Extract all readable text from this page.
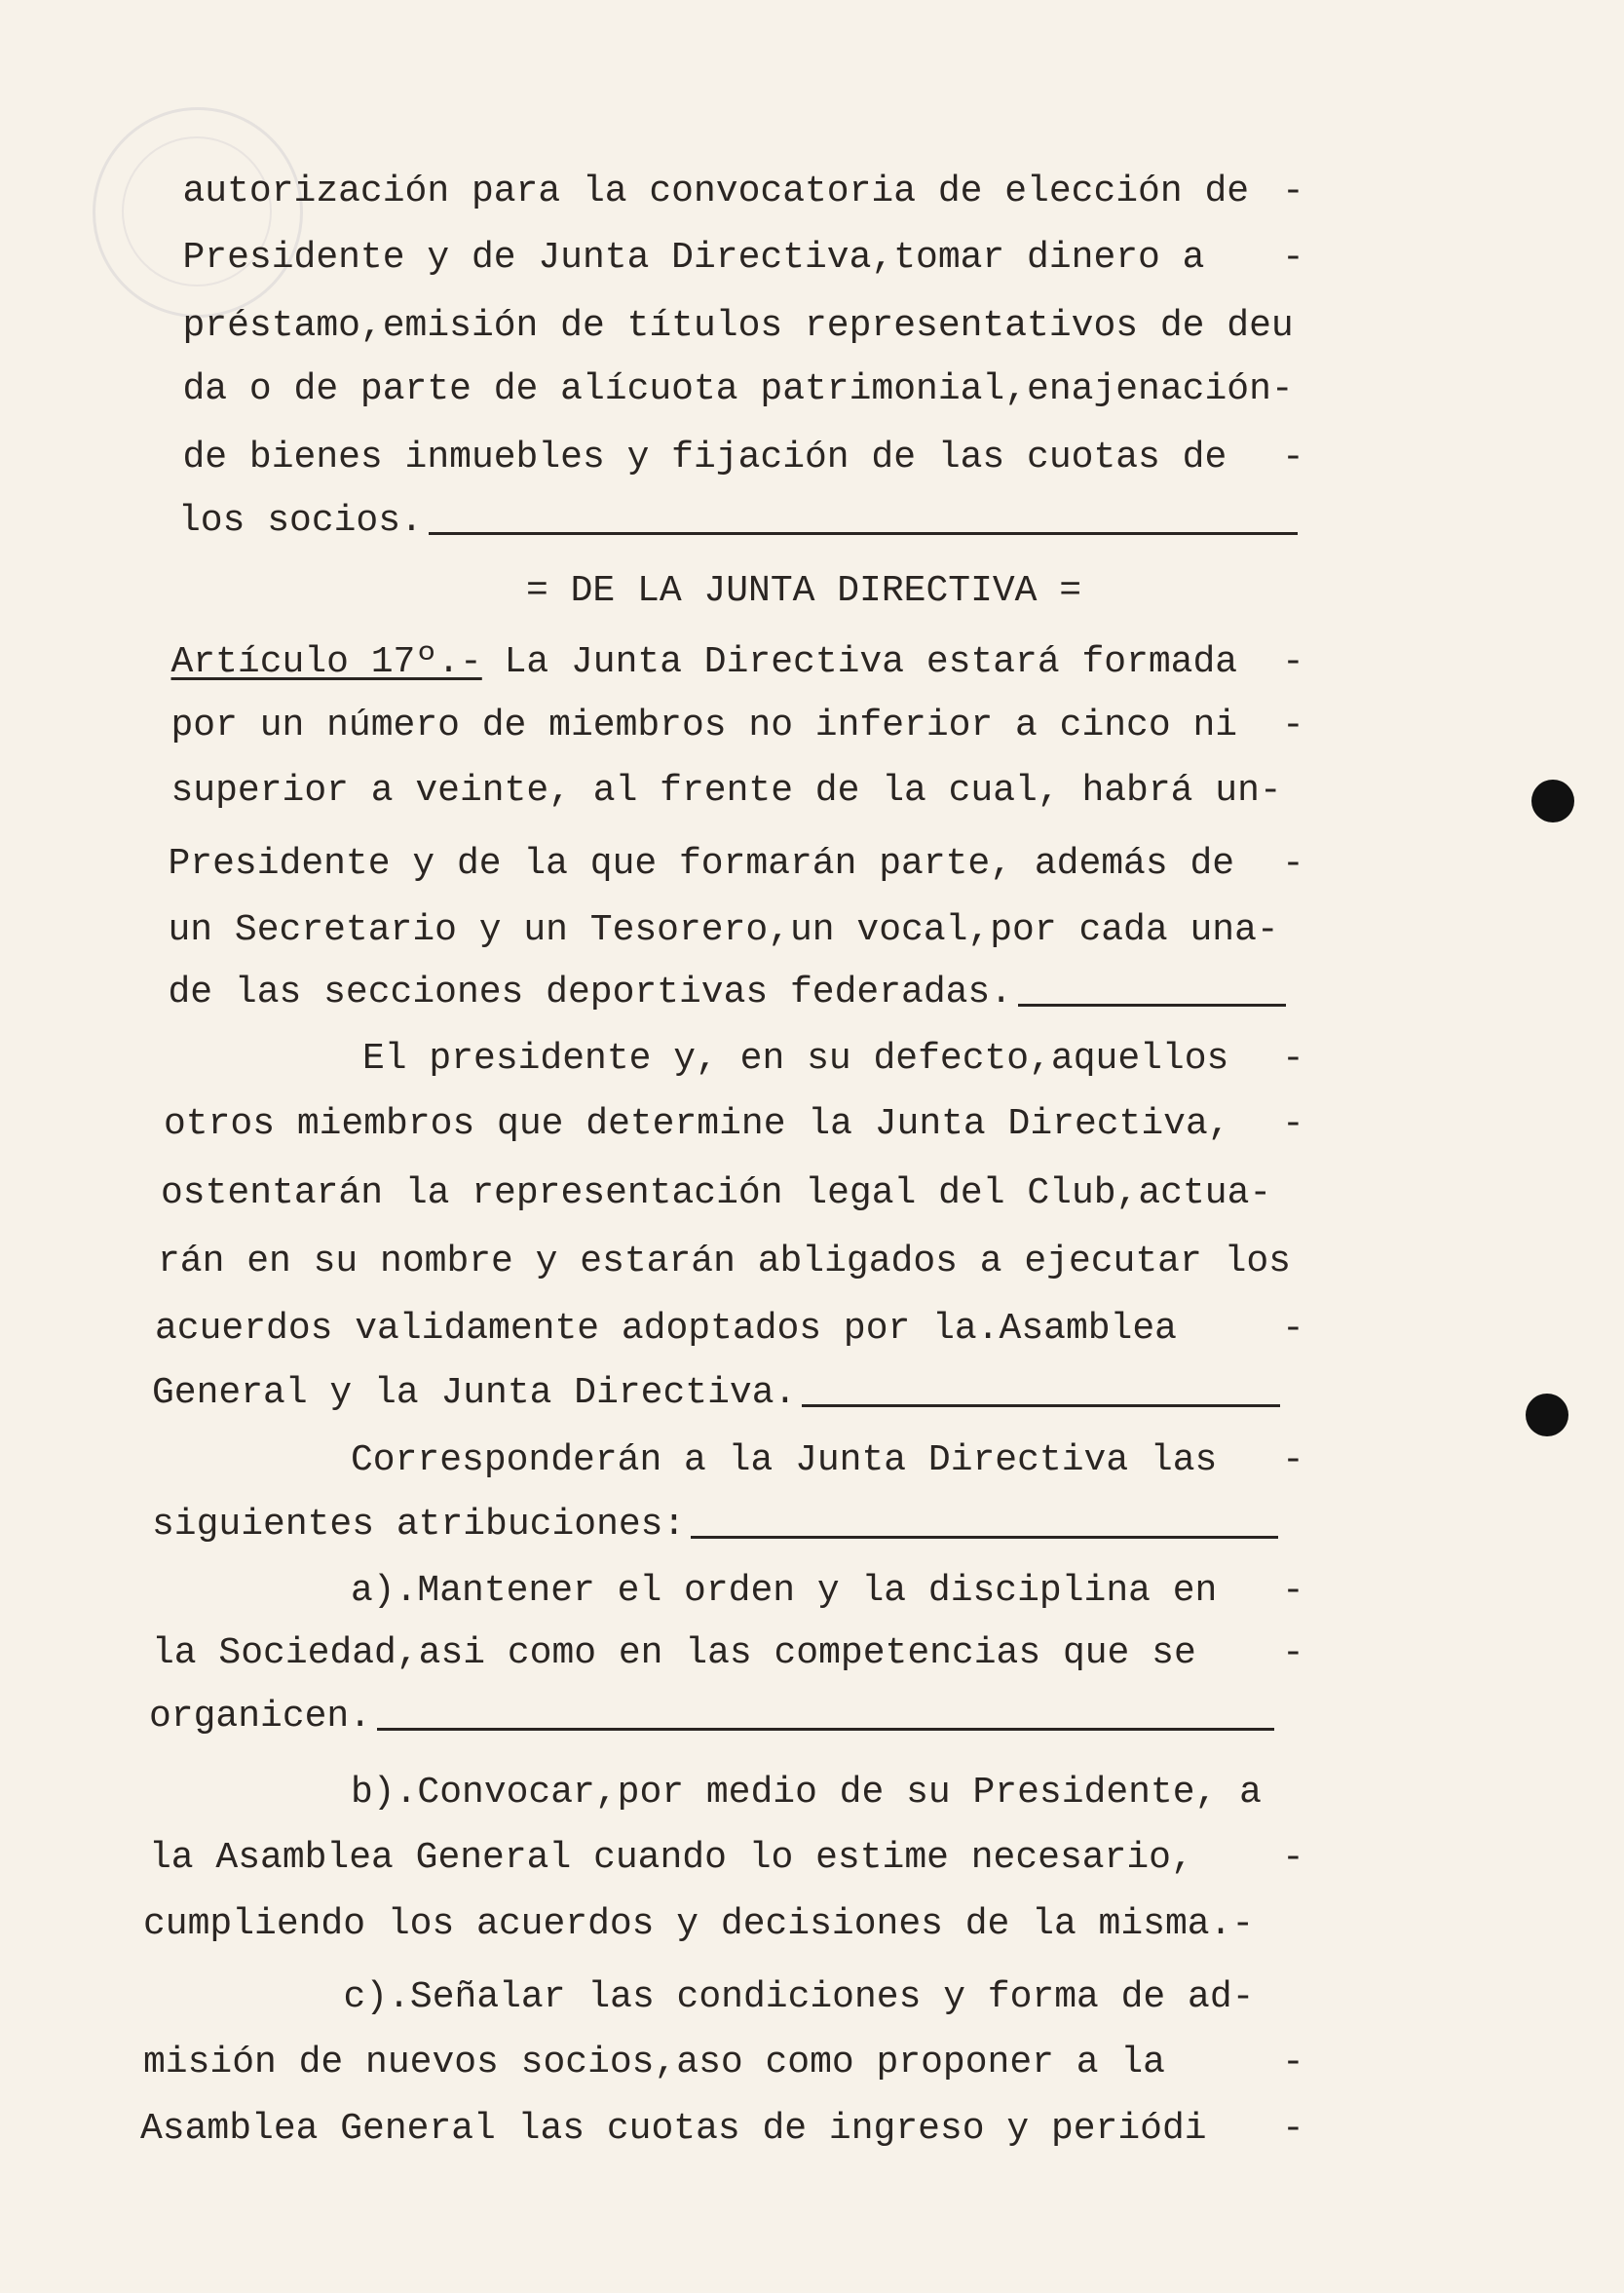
autorización para la convocatoria de elección de -
Presidente y de Junta Directiva,tomar dinero a -
préstamo,emisión de títulos representativos de deu
da o de parte de alícuota patrimonial,enajenación-
de bienes inmuebles y fijación de las cuotas de -
los socios.
= DE LA JUNTA DIRECTIVA =
Artículo 17º.- La Junta Directiva estará formada -
por un número de miembros no inferior a cinco ni -
superior a veinte, al frente de la cual, habrá un-
Presidente y de la que formarán parte, además de -
un Secretario y un Tesorero,un vocal,por cada una-
de las secciones deportivas federadas.
El presidente y, en su defecto,aquellos -
otros miembros que determine la Junta Directiva, -
ostentarán la representación legal del Club,actua-
rán en su nombre y estarán abligados a ejecutar los
acuerdos validamente adoptados por la.Asamblea	-
General y la Junta Directiva.
Corresponderán a la Junta Directiva las -
siguientes atribuciones:
a).Mantener el orden y la disciplina en -
la Sociedad,asi como en las competencias que se -
organicen.
b).Convocar,por medio de su Presidente, a
la Asamblea General cuando lo estime necesario, -
cumpliendo los acuerdos y decisiones de la misma.-
c).Señalar las condiciones y forma de ad-
misión de nuevos socios,aso como proponer a la	-
Asamblea General las cuotas de ingreso y periódi -
